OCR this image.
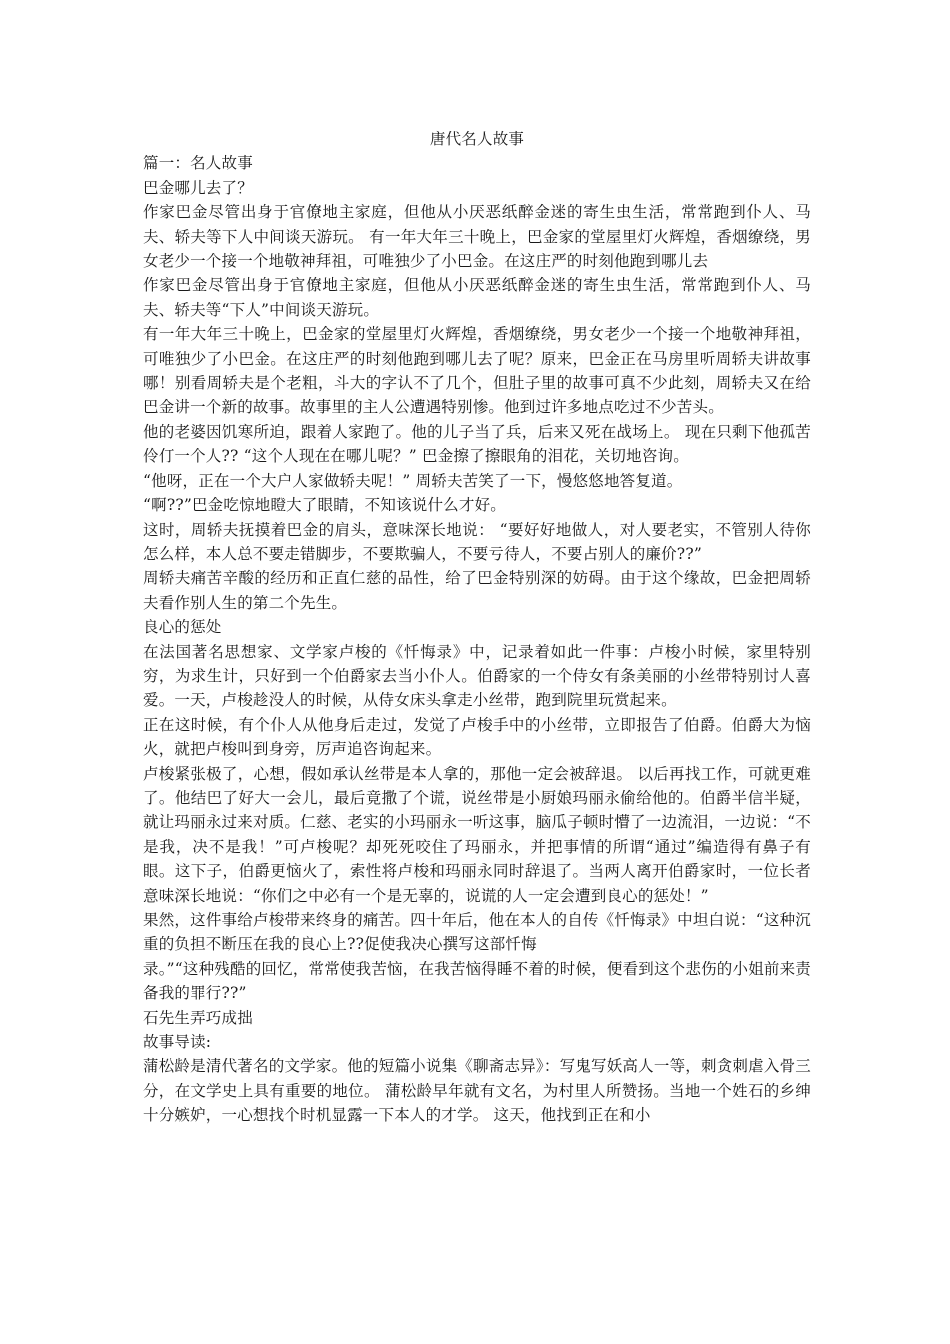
唐代名人故事

篇一：名人故事

巴金哪儿去了？

作家巴金尽管出身于官僚地主家庭，但他从小厌恶纸醉金迷的寄生虫生活，常常跑到仆人、马夫、轿夫等下人中间谈天游玩。 有一年大年三十晚上，巴金家的堂屋里灯火辉煌，香烟缭绕，男女老少一个接一个地敬神拜祖，可唯独少了小巴金。在这庄严的时刻他跑到哪儿去

作家巴金尽管出身于官僚地主家庭，但他从小厌恶纸醉金迷的寄生虫生活，常常跑到仆人、马夫、轿夫等“下人”中间谈天游玩。

有一年大年三十晚上，巴金家的堂屋里灯火辉煌，香烟缭绕，男女老少一个接一个地敬神拜祖，可唯独少了小巴金。在这庄严的时刻他跑到哪儿去了呢？原来，巴金正在马房里听周轿夫讲故事哪！别看周轿夫是个老粗，斗大的字认不了几个，但肚子里的故事可真不少此刻，周轿夫又在给巴金讲一个新的故事。故事里的主人公遭遇特别惨。他到过许多地点吃过不少苦头。

他的老婆因饥寒所迫，跟着人家跑了。他的儿子当了兵，后来又死在战场上。 现在只剩下他孤苦伶仃一个人?? “这个人现在在哪儿呢？” 巴金擦了擦眼角的泪花，关切地咨询。

“他呀，正在一个大户人家做轿夫呢！” 周轿夫苦笑了一下，慢悠悠地答复道。

“啊??”巴金吃惊地瞪大了眼睛，不知该说什么才好。

这时，周轿夫抚摸着巴金的肩头，意味深长地说： “要好好地做人，对人要老实，不管别人待你怎么样，本人总不要走错脚步，不要欺骗人，不要亏待人，不要占别人的廉价??”

周轿夫痛苦辛酸的经历和正直仁慈的品性，给了巴金特别深的妨碍。由于这个缘故，巴金把周轿夫看作别人生的第二个先生。

良心的惩处

在法国著名思想家、文学家卢梭的《忏悔录》中，记录着如此一件事：卢梭小时候，家里特别穷，为求生计，只好到一个伯爵家去当小仆人。伯爵家的一个侍女有条美丽的小丝带特别讨人喜爱。一天，卢梭趁没人的时候，从侍女床头拿走小丝带，跑到院里玩赏起来。

正在这时候，有个仆人从他身后走过，发觉了卢梭手中的小丝带，立即报告了伯爵。伯爵大为恼火，就把卢梭叫到身旁，厉声追咨询起来。

卢梭紧张极了，心想，假如承认丝带是本人拿的，那他一定会被辞退。 以后再找工作，可就更难了。他结巴了好大一会儿，最后竟撒了个谎，说丝带是小厨娘玛丽永偷给他的。伯爵半信半疑，就让玛丽永过来对质。仁慈、老实的小玛丽永一听这事，脑瓜子顿时懵了一边流泪，一边说：“不是我，决不是我！”可卢梭呢？却死死咬住了玛丽永，并把事情的所谓“通过”编造得有鼻子有眼。这下子，伯爵更恼火了，索性将卢梭和玛丽永同时辞退了。当两人离开伯爵家时，一位长者意味深长地说：“你们之中必有一个是无辜的，说谎的人一定会遭到良心的惩处！”

果然，这件事给卢梭带来终身的痛苦。四十年后，他在本人的自传《忏悔录》中坦白说：“这种沉重的负担不断压在我的良心上??促使我决心撰写这部忏悔

录。”“这种残酷的回忆，常常使我苦恼，在我苦恼得睡不着的时候，便看到这个悲伤的小姐前来责备我的罪行??”

石先生弄巧成拙

故事导读:

蒲松龄是清代著名的文学家。他的短篇小说集《聊斋志异》：写鬼写妖高人一等，刺贪刺虐入骨三分，在文学史上具有重要的地位。 蒲松龄早年就有文名，为村里人所赞扬。当地一个姓石的乡绅十分嫉妒，一心想找个时机显露一下本人的才学。 这天，他找到正在和小
